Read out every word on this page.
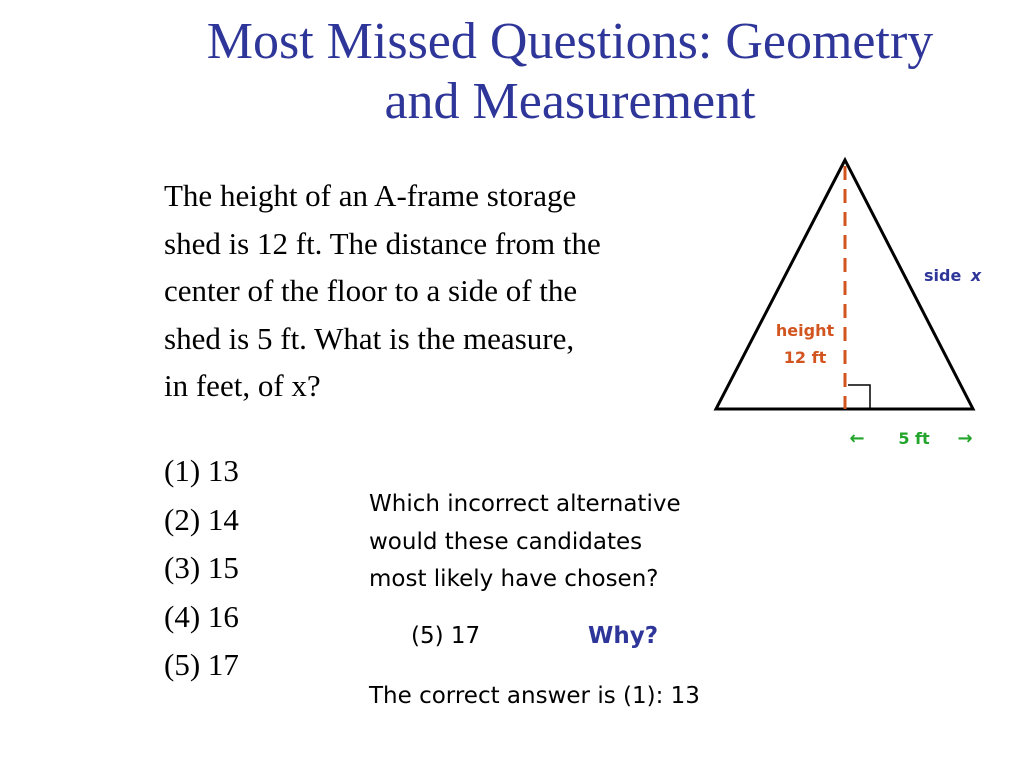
Most Missed Questions: Geometry
and Measurement
The height of an A-frame storage
shed is 12 ft. The distance from the
center of the floor to a side of the
shed is 5 ft. What is the measure,
in feet, of x?
(1) 13
(2) 14
(3) 15
(4) 16
(5) 17
Which incorrect alternative
would these candidates
most likely have chosen?
(5) 17	Why?
The correct answer is (1): 13
side x
height
12 ft
← 5 ft →
